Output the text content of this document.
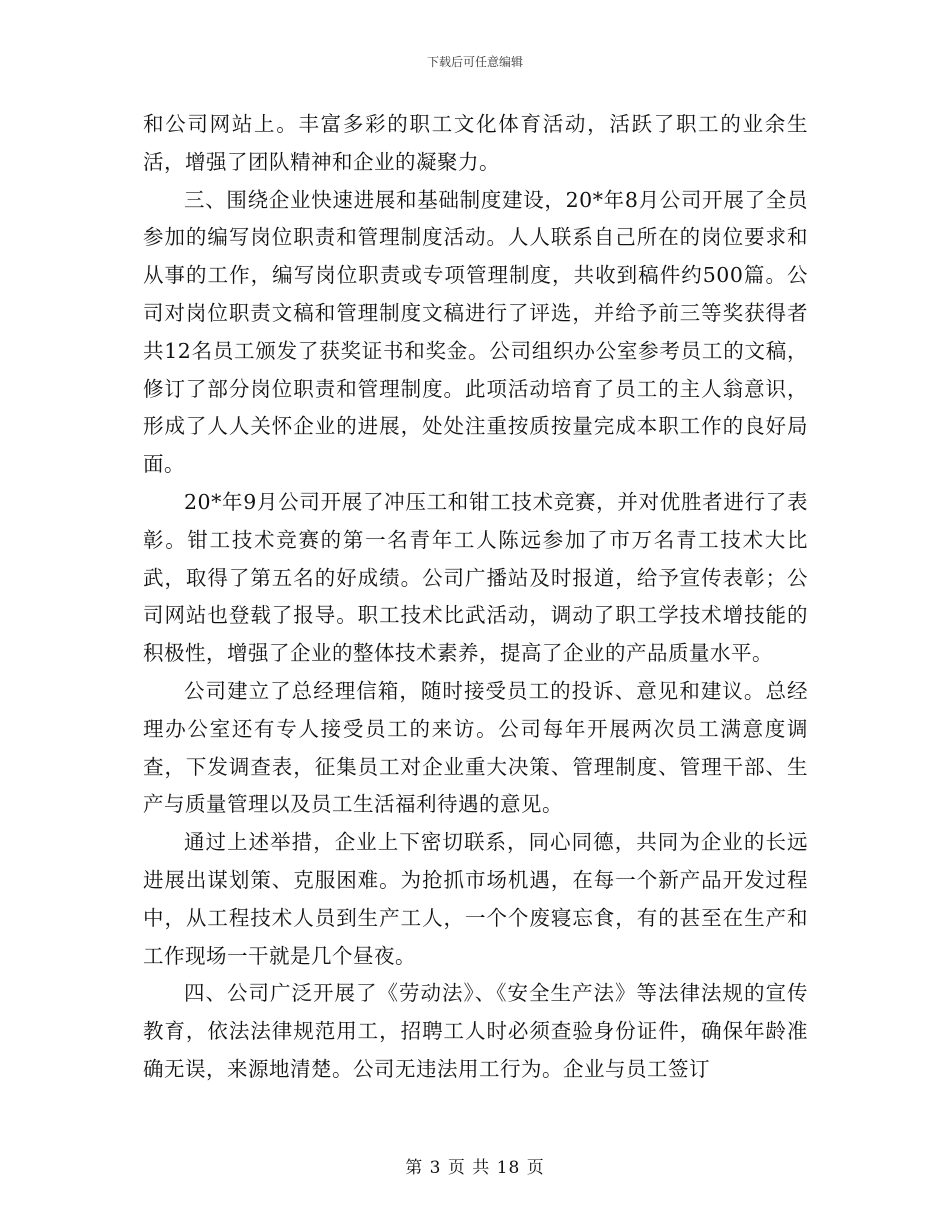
下载后可任意编辑

和公司网站上。丰富多彩的职工文化体育活动，活跃了职工的业余生活，增强了团队精神和企业的凝聚力。

三、围绕企业快速进展和基础制度建设，20*年8月公司开展了全员参加的编写岗位职责和管理制度活动。人人联系自己所在的岗位要求和从事的工作，编写岗位职责或专项管理制度，共收到稿件约500篇。公司对岗位职责文稿和管理制度文稿进行了评选，并给予前三等奖获得者共12名员工颁发了获奖证书和奖金。公司组织办公室参考员工的文稿，修订了部分岗位职责和管理制度。此项活动培育了员工的主人翁意识，形成了人人关怀企业的进展，处处注重按质按量完成本职工作的良好局面。

20*年9月公司开展了冲压工和钳工技术竞赛，并对优胜者进行了表彰。钳工技术竞赛的第一名青年工人陈远参加了市万名青工技术大比武，取得了第五名的好成绩。公司广播站及时报道，给予宣传表彰；公司网站也登载了报导。职工技术比武活动，调动了职工学技术增技能的积极性，增强了企业的整体技术素养，提高了企业的产品质量水平。

公司建立了总经理信箱，随时接受员工的投诉、意见和建议。总经理办公室还有专人接受员工的来访。公司每年开展两次员工满意度调查，下发调查表，征集员工对企业重大决策、管理制度、管理干部、生产与质量管理以及员工生活福利待遇的意见。

通过上述举措，企业上下密切联系，同心同德，共同为企业的长远进展出谋划策、克服困难。为抢抓市场机遇，在每一个新产品开发过程中，从工程技术人员到生产工人，一个个废寝忘食，有的甚至在生产和工作现场一干就是几个昼夜。

四、公司广泛开展了《劳动法》、《安全生产法》等法律法规的宣传教育，依法法律规范用工，招聘工人时必须查验身份证件，确保年龄准确无误，来源地清楚。公司无违法用工行为。企业与员工签订

第 3 页 共 18 页
